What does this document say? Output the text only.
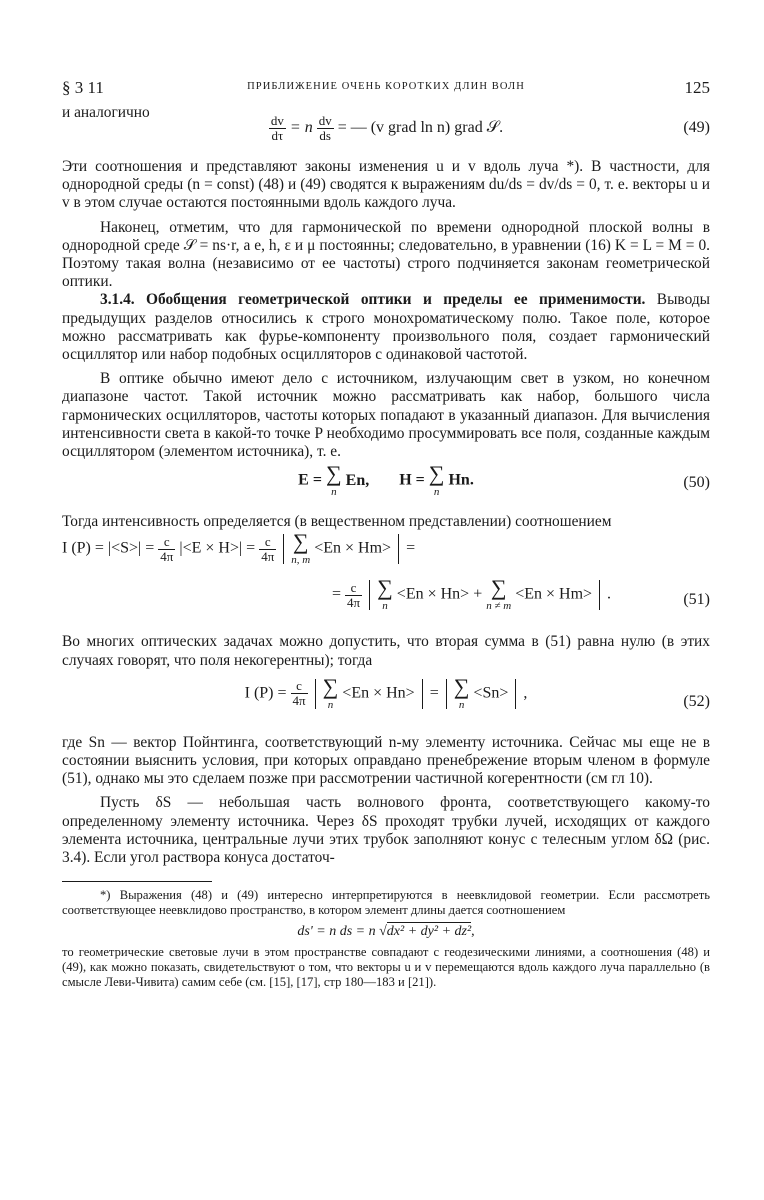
§ 3 11	ПРИБЛИЖЕНИЕ ОЧЕНЬ КОРОТКИХ ДЛИН ВОЛН	125
и аналогично
$\frac{dv}{d\tau} = n \frac{dv}{ds}$ = — (v grad ln n) grad 𝒮.	(49)

Эти соотношения и представляют законы изменения u и v вдоль луча *). В частности, для однородной среды (n = const) (48) и (49) сводятся к выражениям du/ds = dv/ds = 0, т. е. векторы u и v в этом случае остаются постоянными вдоль каждого луча.

Наконец, отметим, что для гармонической по времени однородной плоской волны в однородной среде 𝒮 = ns·r, а e, h, ε и μ постоянны; следовательно, в уравнении (16) K = L = M = 0. Поэтому такая волна (независимо от ее частоты) строго подчиняется законам геометрической оптики.

3.1.4. Обобщения геометрической оптики и пределы ее применимости. Выводы предыдущих разделов относились к строго монохроматическому полю. Такое поле, которое можно рассматривать как фурье-компоненту произвольного поля, создает гармонический осциллятор или набор подобных осцилляторов с одинаковой частотой.

В оптике обычно имеют дело с источником, излучающим свет в узком, но конечном диапазоне частот. Такой источник можно рассматривать как набор, большого числа гармонических осцилляторов, частоты которых попадают в указанный диапазон. Для вычисления интенсивности света в какой-то точке P необходимо просуммировать все поля, созданные каждым осциллятором (элементом источника), т. е.

E = ∑
n
En, H = ∑
n
Hn.	(50)

Тогда интенсивность определяется (в вещественном представлении) соотношением

I $(P) = |<S>| = \frac{c}{4\pi} |<E \times H>| = \frac{c}{4\pi}$
∑
n, m
<En × Hm> =
= $\frac{c}{4\pi}$
∑
n
<En × Hn> + ∑
n ≠ m
<En × Hm> .	(51)

Во многих оптических задачах можно допустить, что вторая сумма в (51) равна нулю (в этих случаях говорят, что поля некогерентны); тогда

I $(P) = \frac{c}{4\pi}$
∑
n
<En × Hn> = ∑
n
<Sn> ,	(52)

где Sn — вектор Пойнтинга, соответствующий n-му элементу источника. Сейчас мы еще не в состоянии выяснить условия, при которых оправдано пренебрежение вторым членом в формуле (51), однако мы это сделаем позже при рассмотрении частичной когерентности (см гл 10).

Пусть δS — небольшая часть волнового фронта, соответствующего какому-то определенному элементу источника. Через δS проходят трубки лучей, исходящих от каждого элемента источника, центральные лучи этих трубок заполняют конус с телесным углом δΩ (рис. 3.4). Если угол раствора конуса достаточ-

*) Выражения (48) и (49) интересно интерпретируются в неевклидовой геометрии. Если рассмотреть соответствующее неевклидово пространство, в котором элемент длины дается соотношением

ds' = n ds = n √dx² + dy² + dz²,

то геометрические световые лучи в этом пространстве совпадают с геодезическими линиями, а соотношения (48) и (49), как можно показать, свидетельствуют о том, что векторы u и v перемещаются вдоль каждого луча параллельно (в смысле Леви-Чивита) самим себе (см. [15], [17], стр 180—183 и [21]).
